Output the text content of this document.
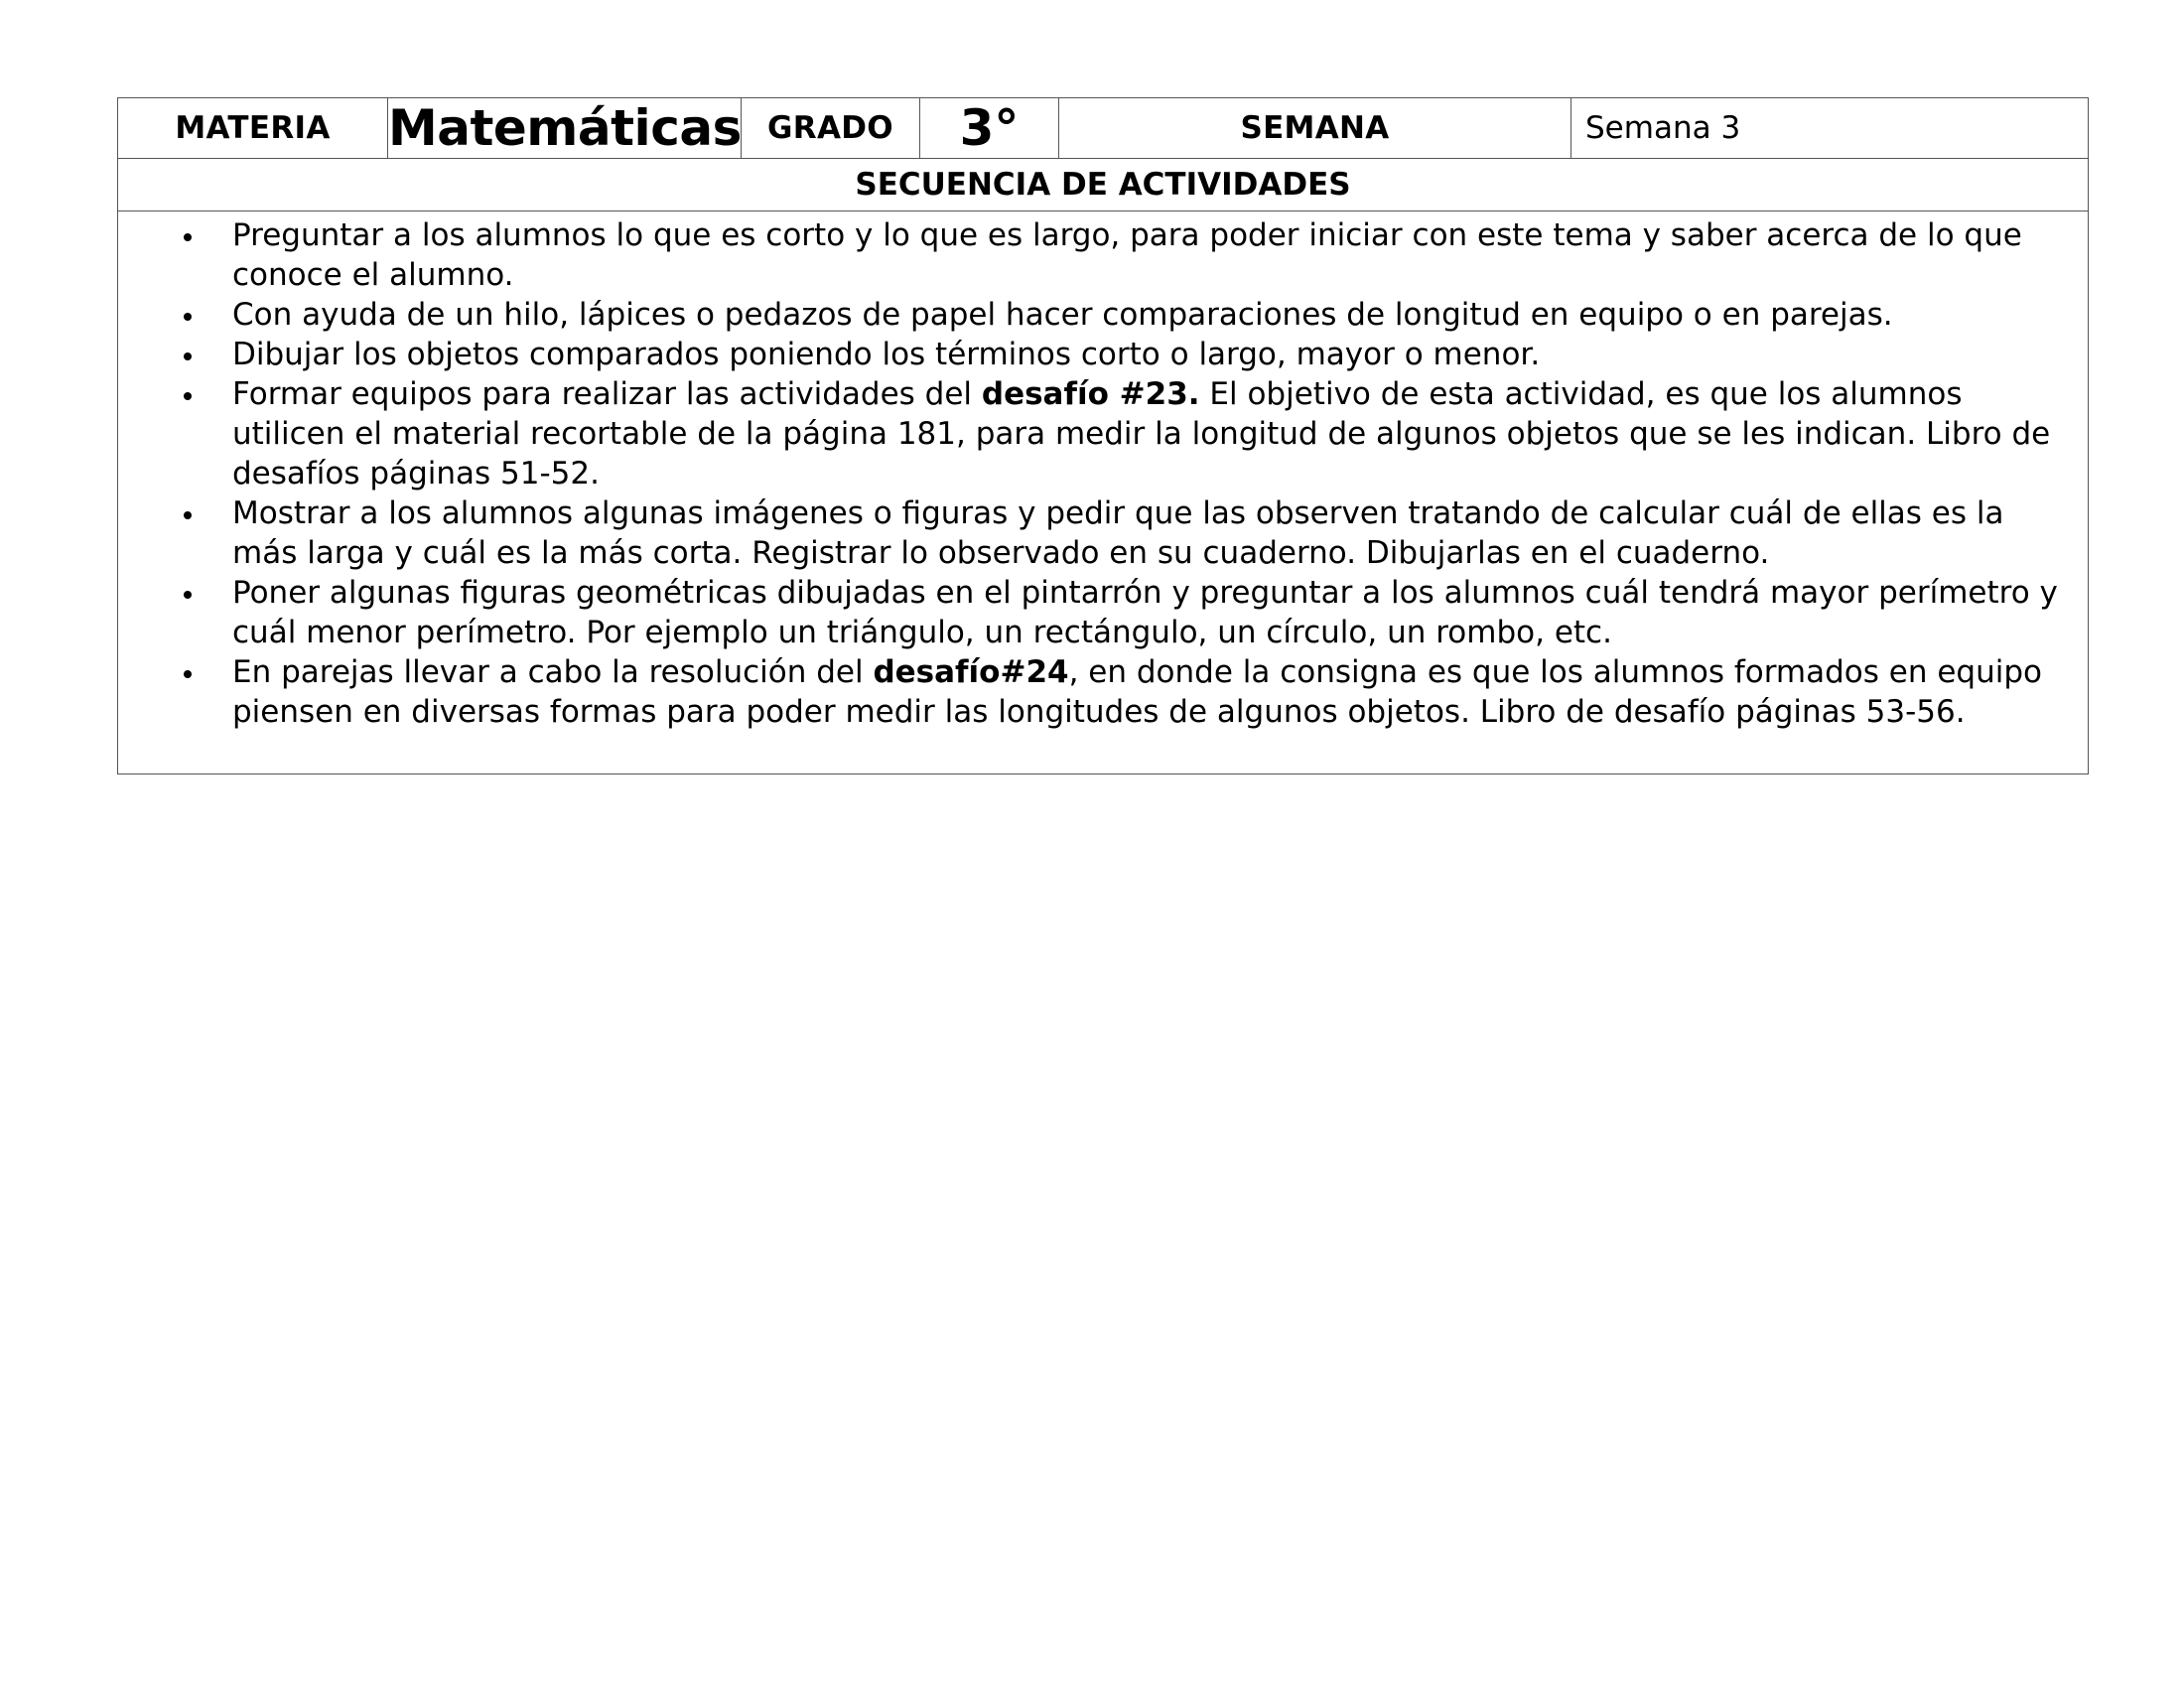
MATERIA	Matemáticas	GRADO	3°	SEMANA	Semana 3
SECUENCIA DE ACTIVIDADES

Preguntar a los alumnos lo que es corto y lo que es largo, para poder iniciar con este tema y saber acerca de lo que conoce el alumno.
Con ayuda de un hilo, lápices o pedazos de papel hacer comparaciones de longitud en equipo o en parejas.
Dibujar los objetos comparados poniendo los términos corto o largo, mayor o menor.
Formar equipos para realizar las actividades del desafío #23. El objetivo de esta actividad, es que los alumnos utilicen el material recortable de la página 181, para medir la longitud de algunos objetos que se les indican. Libro de desafíos páginas 51-52.
Mostrar a los alumnos algunas imágenes o figuras y pedir que las observen tratando de calcular cuál de ellas es la más larga y cuál es la más corta. Registrar lo observado en su cuaderno. Dibujarlas en el cuaderno.
Poner algunas figuras geométricas dibujadas en el pintarrón y preguntar a los alumnos cuál tendrá mayor perímetro y cuál menor perímetro. Por ejemplo un triángulo, un rectángulo, un círculo, un rombo, etc.
En parejas llevar a cabo la resolución del desafío#24, en donde la consigna es que los alumnos formados en equipo piensen en diversas formas para poder medir las longitudes de algunos objetos. Libro de desafío páginas 53-56.
